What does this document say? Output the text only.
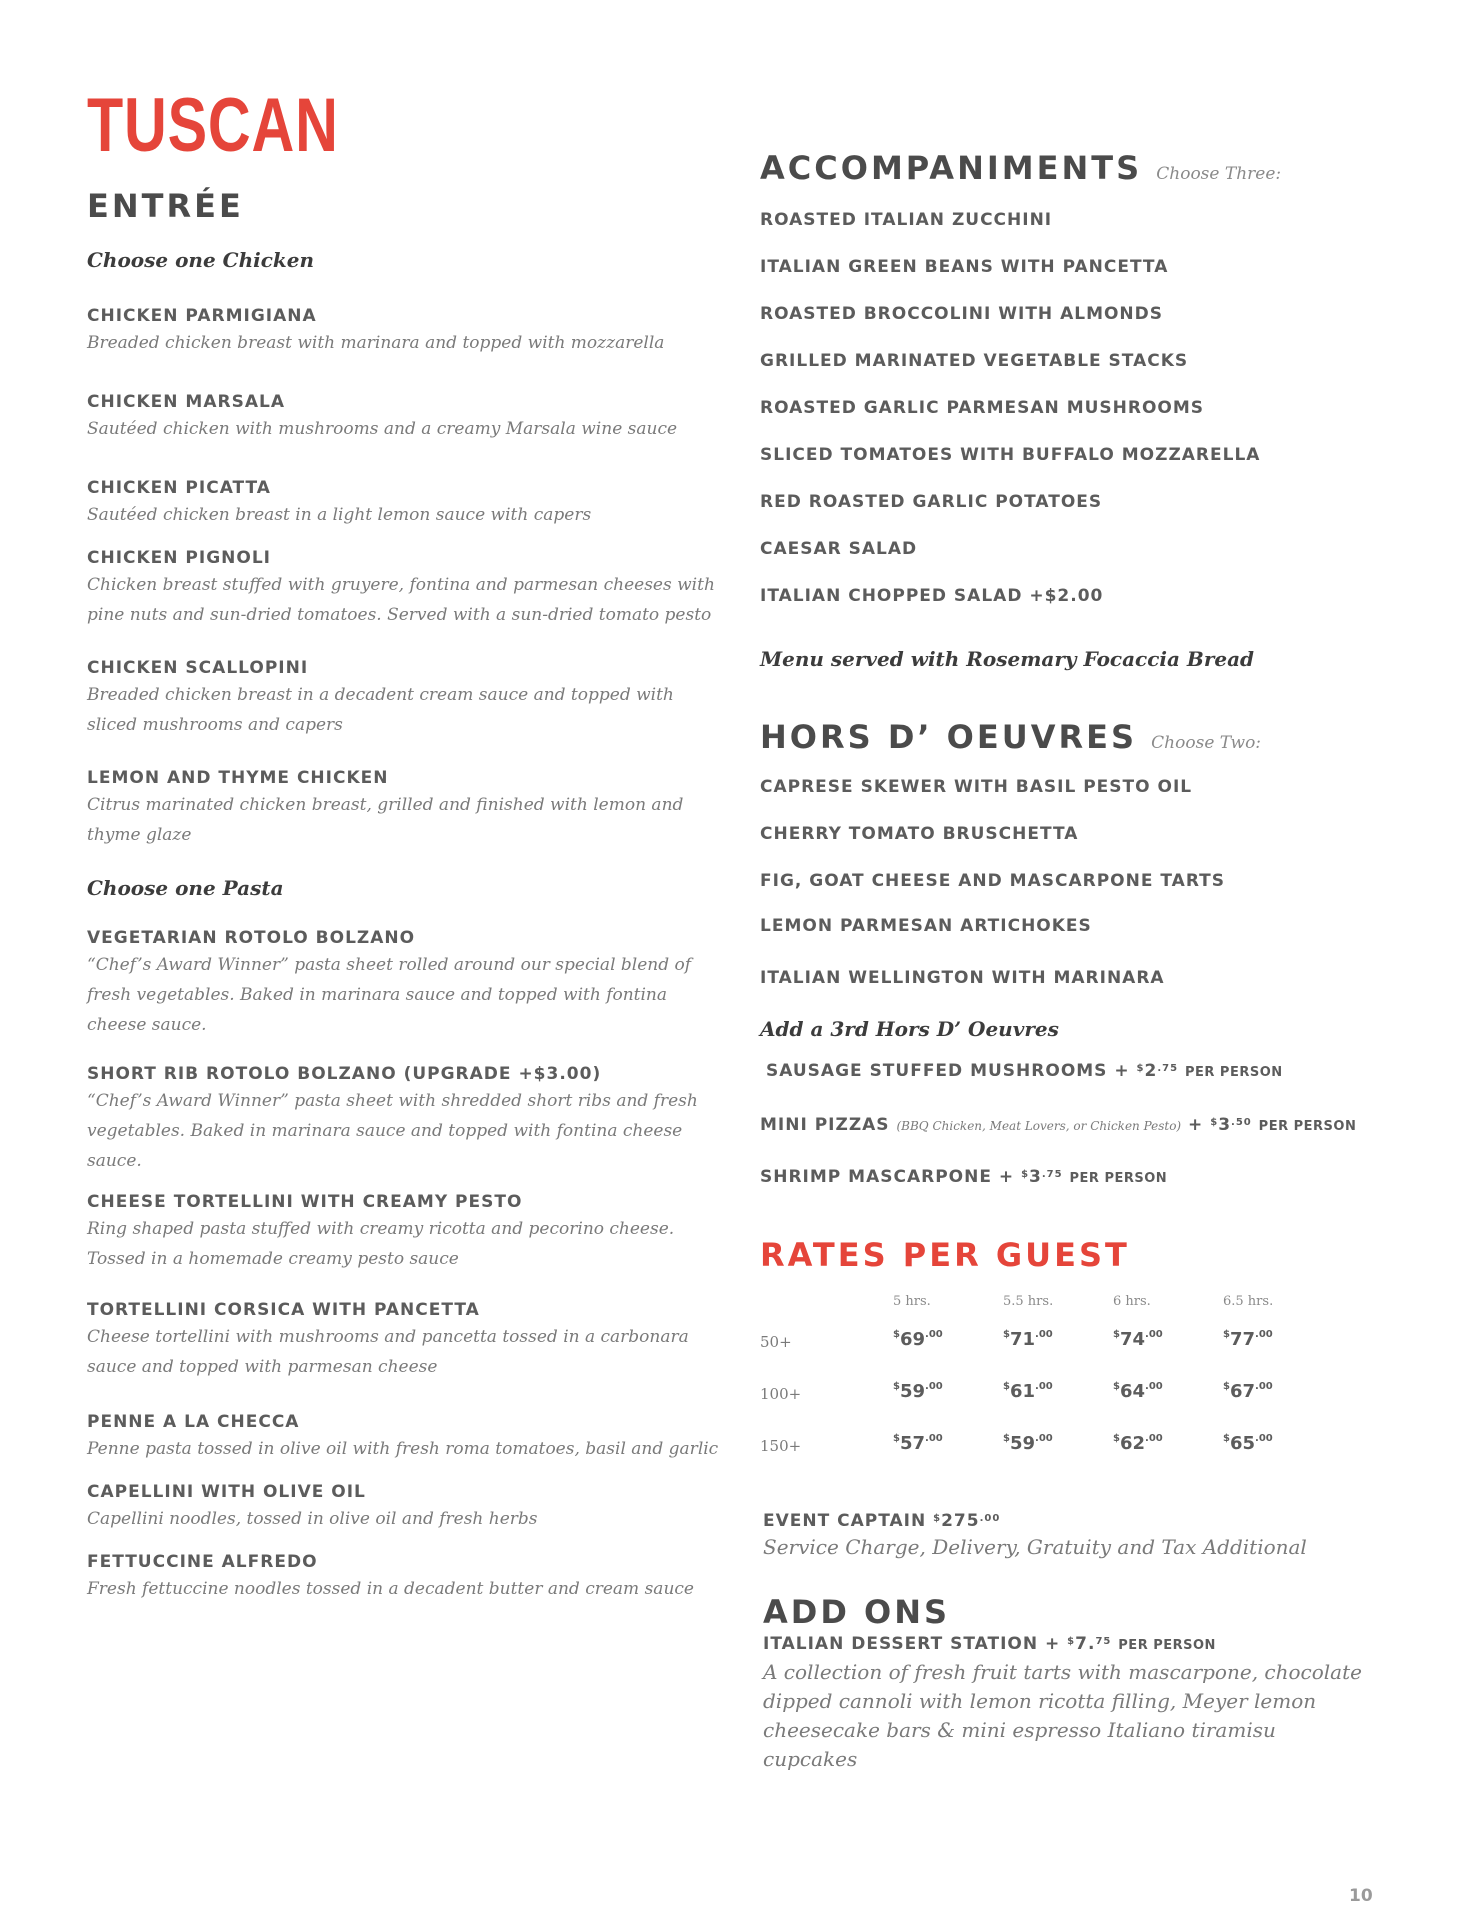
TUSCAN
ENTRÉE
Choose one Chicken
CHICKEN PARMIGIANA
Breaded chicken breast with marinara and topped with mozzarella
CHICKEN MARSALA
Sautéed chicken with mushrooms and a creamy Marsala wine sauce
CHICKEN PICATTA
Sautéed chicken breast in a light lemon sauce with capers
CHICKEN PIGNOLI
Chicken breast stuffed with gruyere, fontina and parmesan cheeses with pine nuts and sun-dried tomatoes. Served with a sun-dried tomato pesto
CHICKEN SCALLOPINI
Breaded chicken breast in a decadent cream sauce and topped with sliced mushrooms and capers
LEMON AND THYME CHICKEN
Citrus marinated chicken breast, grilled and finished with lemon and thyme glaze
Choose one Pasta
VEGETARIAN ROTOLO BOLZANO
“Chef’s Award Winner” pasta sheet rolled around our special blend of fresh vegetables. Baked in marinara sauce and topped with fontina cheese sauce.
SHORT RIB ROTOLO BOLZANO (UPGRADE +$3.00)
“Chef’s Award Winner” pasta sheet with shredded short ribs and fresh vegetables. Baked in marinara sauce and topped with fontina cheese sauce.
CHEESE TORTELLINI WITH CREAMY PESTO
Ring shaped pasta stuffed with creamy ricotta and pecorino cheese. Tossed in a homemade creamy pesto sauce
TORTELLINI CORSICA WITH PANCETTA
Cheese tortellini with mushrooms and pancetta tossed in a carbonara sauce and topped with parmesan cheese
PENNE A LA CHECCA
Penne pasta tossed in olive oil with fresh roma tomatoes, basil and garlic
CAPELLINI WITH OLIVE OIL
Capellini noodles, tossed in olive oil and fresh herbs
FETTUCCINE ALFREDO
Fresh fettuccine noodles tossed in a decadent butter and cream sauce
ACCOMPANIMENTS Choose Three:
ROASTED ITALIAN ZUCCHINI
ITALIAN GREEN BEANS WITH PANCETTA
ROASTED BROCCOLINI WITH ALMONDS
GRILLED MARINATED VEGETABLE STACKS
ROASTED GARLIC PARMESAN MUSHROOMS
SLICED TOMATOES WITH BUFFALO MOZZARELLA
RED ROASTED GARLIC POTATOES
CAESAR SALAD
ITALIAN CHOPPED SALAD +$2.00
Menu served with Rosemary Focaccia Bread
HORS D’ OEUVRES Choose Two:
CAPRESE SKEWER WITH BASIL PESTO OIL
CHERRY TOMATO BRUSCHETTA
FIG, GOAT CHEESE AND MASCARPONE TARTS
LEMON PARMESAN ARTICHOKES
ITALIAN WELLINGTON WITH MARINARA
Add a 3rd Hors D’ Oeuvres
SAUSAGE STUFFED MUSHROOMS + $^{\$}2^{.75}$ PER PERSON
MINI PIZZAS (BBQ Chicken, Meat Lovers, or Chicken Pesto) + $^{\$}3^{.50}$ PER PERSON
SHRIMP MASCARPONE + $^{\$}3^{.75}$ PER PERSON
RATES PER GUEST
	5 hrs.	5.5 hrs.	6 hrs.	6.5 hrs.
50+	$^{\$}69^{.00}$	$^{\$}71^{.00}$	$^{\$}74^{.00}$	$^{\$}77^{.00}$
100+	$^{\$}59^{.00}$	$^{\$}61^{.00}$	$^{\$}64^{.00}$	$^{\$}67^{.00}$
150+	$^{\$}57^{.00}$	$^{\$}59^{.00}$	$^{\$}62^{.00}$	$^{\$}65^{.00}$
EVENT CAPTAIN $^{\$}275^{.00}$
Service Charge, Delivery, Gratuity and Tax Additional
ADD ONS
ITALIAN DESSERT STATION + $7.75 PER PERSON
A collection of fresh fruit tarts with mascarpone, chocolate dipped cannoli with lemon ricotta filling, Meyer lemon cheesecake bars & mini espresso Italiano tiramisu cupcakes
10
